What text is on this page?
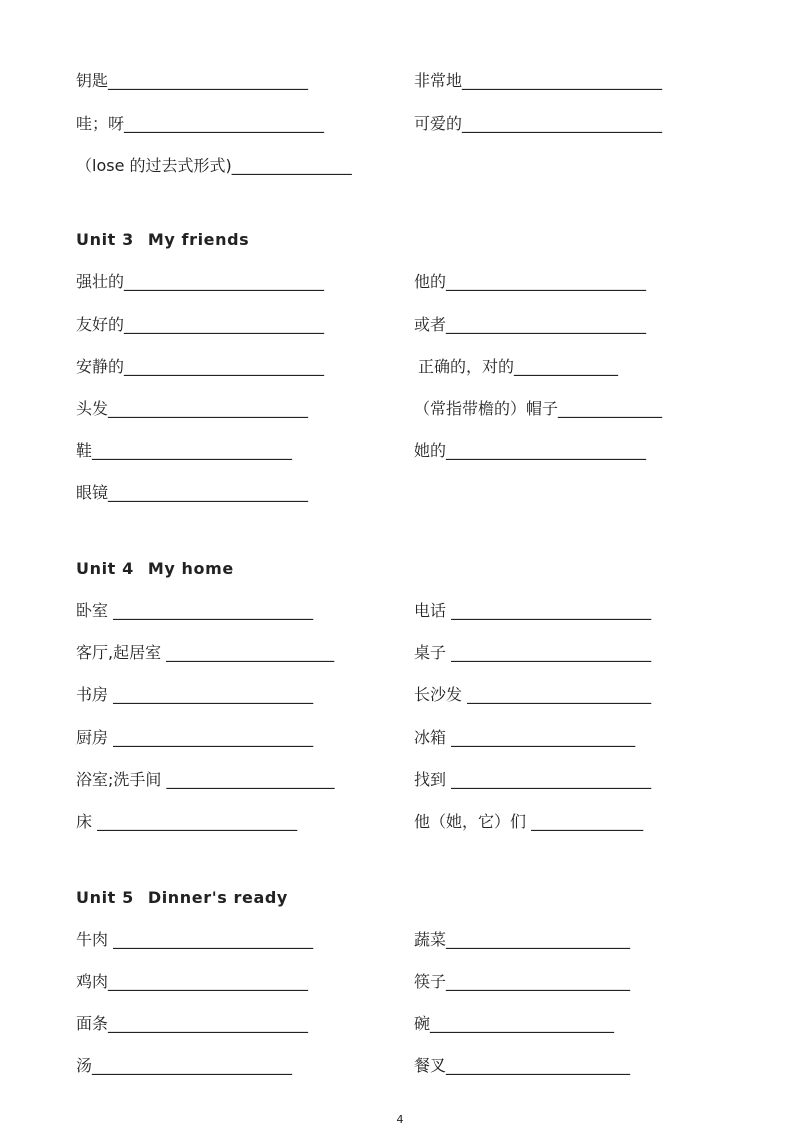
钥匙_________________________	非常地_________________________
哇；呀_________________________	可爱的_________________________
（lose 的过去式形式)_______________
Unit 3 My friends
强壮的_________________________	他的_________________________
友好的_________________________	或者_________________________
安静的_________________________	正确的，对的_____________
头发_________________________	（常指带檐的）帽子_____________
鞋_________________________	她的_________________________
眼镜_________________________
Unit 4 My home
卧室 _________________________	电话 _________________________
客厅,起居室 _____________________	桌子 _________________________
书房 _________________________	长沙发 _______________________
厨房 _________________________	冰箱 _______________________
浴室;洗手间 _____________________	找到 _________________________
床 _________________________	他（她，它）们 ______________
Unit 5 Dinner's ready
牛肉 _________________________	蔬菜_______________________
鸡肉_________________________	筷子_______________________
面条_________________________	碗_______________________
汤_________________________	餐叉_______________________
4
